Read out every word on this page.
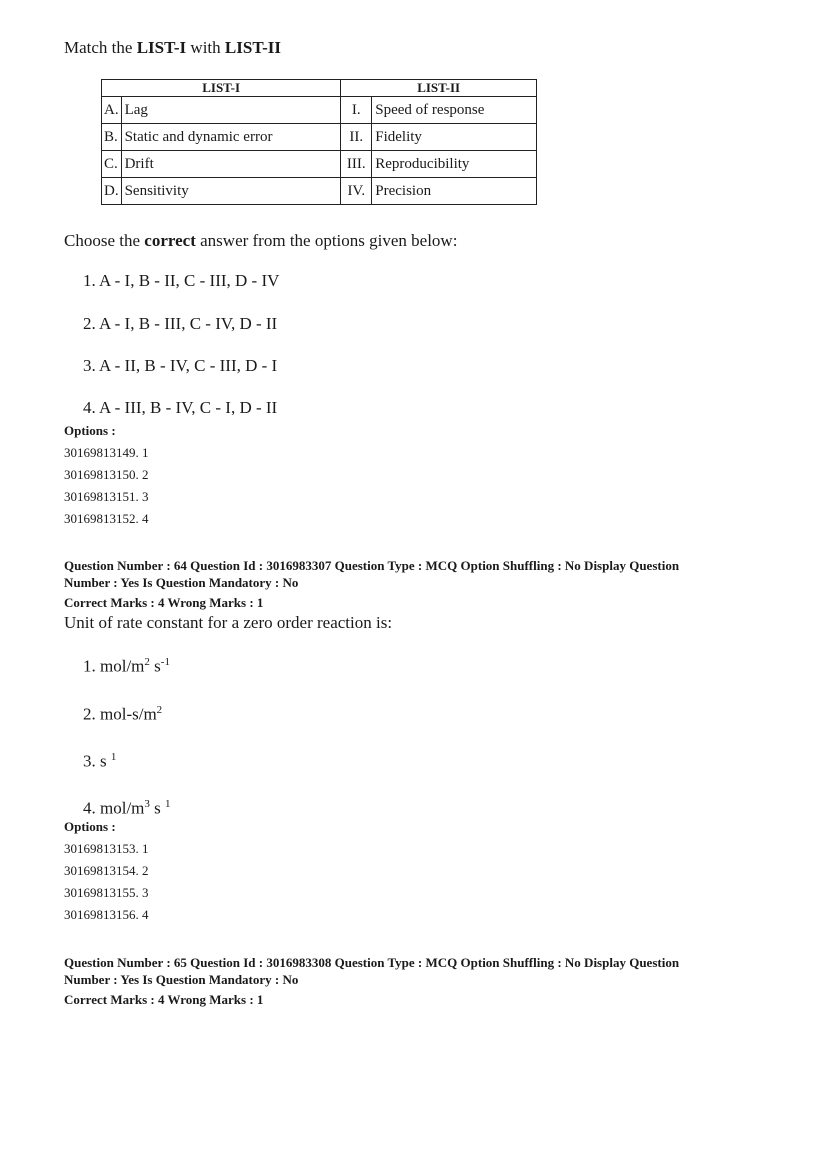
Match the LIST-I with LIST-II
LIST-I		LIST-II	
A.	Lag	I.	Speed of response
B.	Static and dynamic error	II.	Fidelity
C.	Drift	III.	Reproducibility
D.	Sensitivity	IV.	Precision
Choose the correct answer from the options given below:
1. A - I, B - II, C - III, D - IV
2. A - I, B - III, C - IV, D - II
3. A - II, B - IV, C - III, D - I
4. A - III, B - IV, C - I, D - II
Options :
30169813149. 1
30169813150. 2
30169813151. 3
30169813152. 4
Question Number : 64 Question Id : 3016983307 Question Type : MCQ Option Shuffling : No Display Question
Number : Yes Is Question Mandatory : No
Correct Marks : 4 Wrong Marks : 1
Unit of rate constant for a zero order reaction is:
1. mol/$m^2$ $s^{-1}$
2. mol-$s/m^2$
3. s $^1$
4. mol/$m^3$ s $^1$
Options :
30169813153. 1
30169813154. 2
30169813155. 3
30169813156. 4
Question Number : 65 Question Id : 3016983308 Question Type : MCQ Option Shuffling : No Display Question
Number : Yes Is Question Mandatory : No
Correct Marks : 4 Wrong Marks : 1
